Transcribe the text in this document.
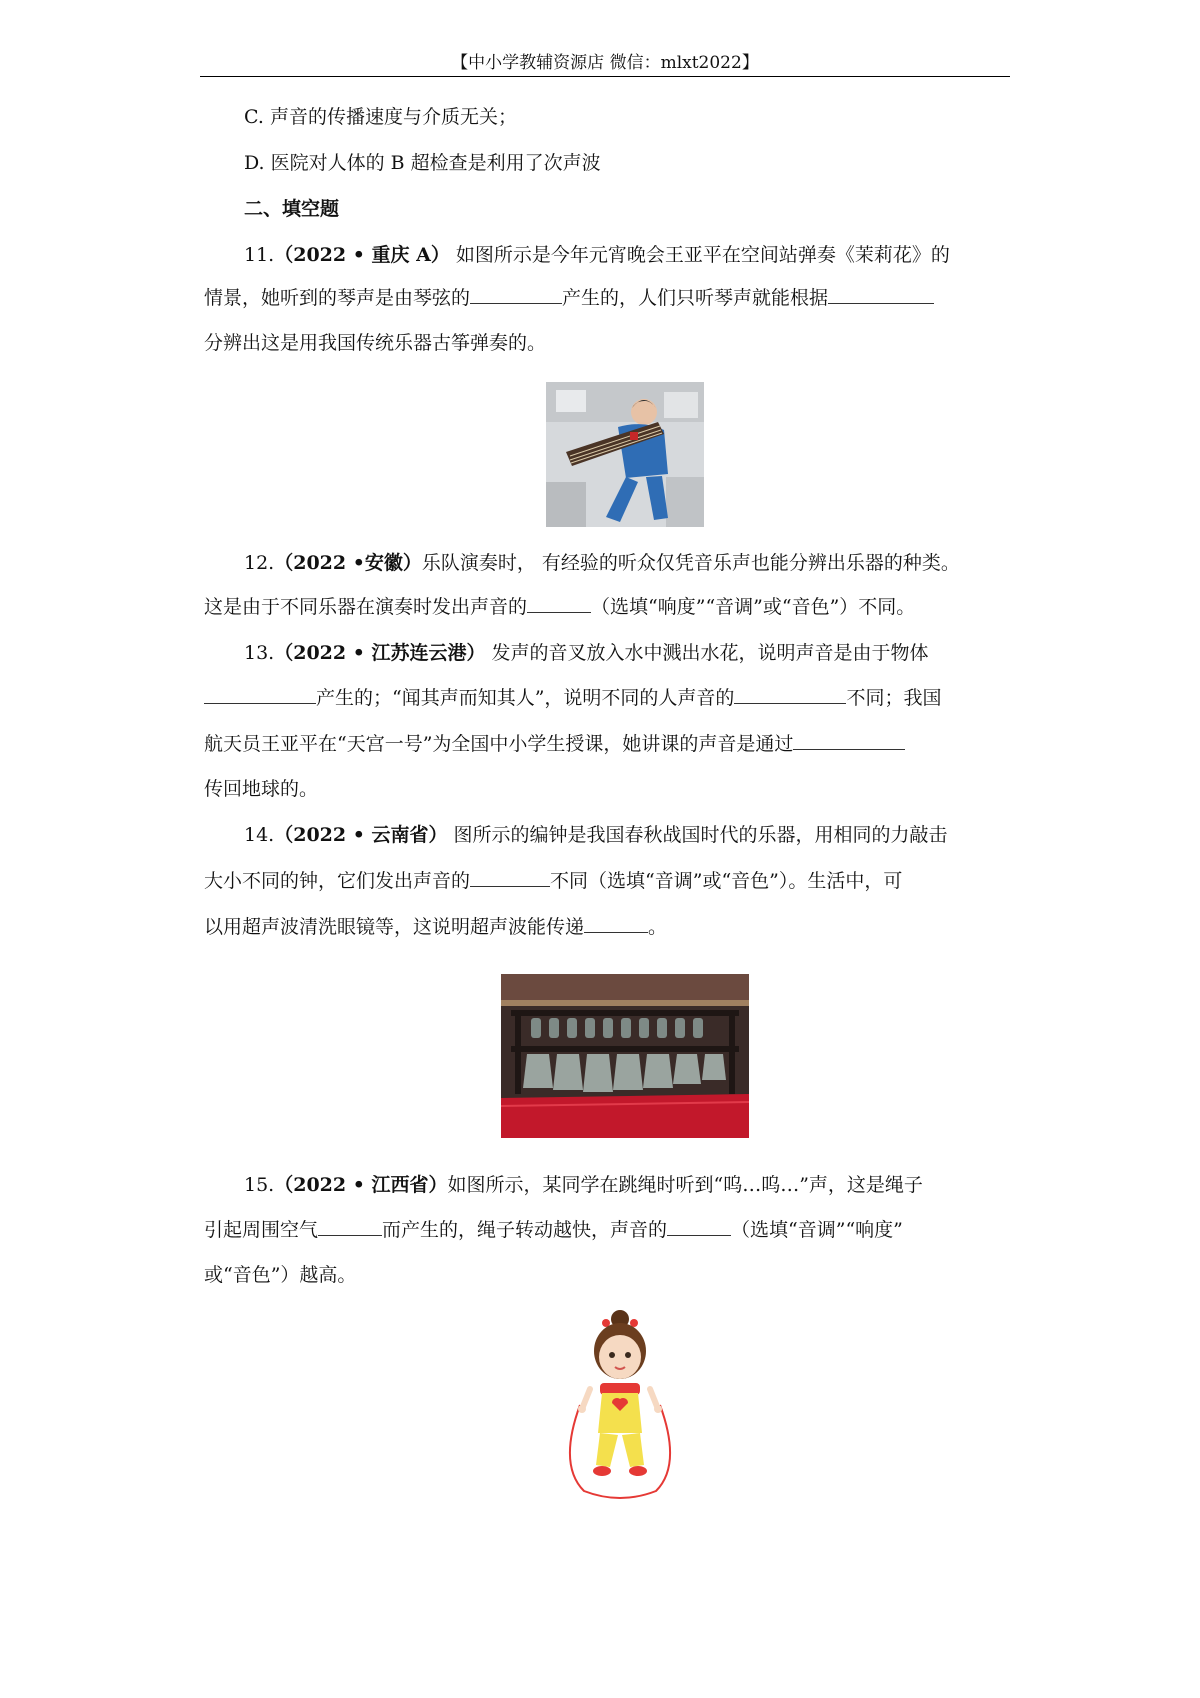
【中小学教辅资源店 微信：mlxt2022】
C. 声音的传播速度与介质无关；
D. 医院对人体的 B 超检查是利用了次声波
二、填空题
11.（2022 • 重庆 A） 如图所示是今年元宵晚会王亚平在空间站弹奏《茉莉花》的
情景，她听到的琴声是由琴弦的	产生的，人们只听琴声就能根据
分辨出这是用我国传统乐器古筝弹奏的。
12.（2022 •安徽）乐队演奏时， 有经验的听众仅凭音乐声也能分辨出乐器的种类。
这是由于不同乐器在演奏时发出声音的	（选填“响度”“音调”或“音色”）不同。
13.（2022 • 江苏连云港） 发声的音叉放入水中溅出水花，说明声音是由于物体
产生的；“闻其声而知其人”，说明不同的人声音的	不同；我国
航天员王亚平在“天宫一号”为全国中小学生授课，她讲课的声音是通过
传回地球的。
14.（2022 • 云南省） 图所示的编钟是我国春秋战国时代的乐器，用相同的力敲击
大小不同的钟，它们发出声音的	不同（选填“音调”或“音色”）。生活中，可
以用超声波清洗眼镜等，这说明超声波能传递	。
15.（2022 • 江西省）如图所示，某同学在跳绳时听到“呜…呜…”声，这是绳子
引起周围空气	而产生的，绳子转动越快，声音的	（选填“音调”“响度”
或“音色”）越高。
